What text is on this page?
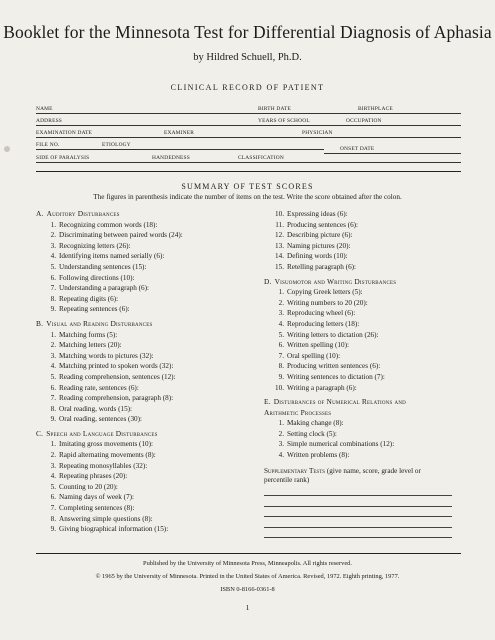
Booklet for the Minnesota Test for Differential Diagnosis of Aphasia
by Hildred Schuell, Ph.D.
CLINICAL RECORD OF PATIENT
NAME	BIRTH DATE	BIRTHPLACE
ADDRESS	YEARS OF SCHOOL	OCCUPATION
EXAMINATION DATE	EXAMINER	PHYSICIAN
FILE NO.	ETIOLOGY
ONSET DATE
SIDE OF PARALYSIS	HANDEDNESS	CLASSIFICATION
SUMMARY OF TEST SCORES
The figures in parenthesis indicate the number of items on the test. Write the score obtained after the colon.
A. Auditory Disturbances
1. Recognizing common words (18):
2. Discriminating between paired words (24):
3. Recognizing letters (26):
4. Identifying items named serially (6):
5. Understanding sentences (15):
6. Following directions (10):
7. Understanding a paragraph (6):
8. Repeating digits (6):
9. Repeating sentences (6):
B. Visual and Reading Disturbances
1. Matching forms (5):
2. Matching letters (20):
3. Matching words to pictures (32):
4. Matching printed to spoken words (32):
5. Reading comprehension, sentences (12):
6. Reading rate, sentences (6):
7. Reading comprehension, paragraph (8):
8. Oral reading, words (15):
9. Oral reading, sentences (30):
C. Speech and Language Disturbances
1. Imitating gross movements (10):
2. Rapid alternating movements (8):
3. Repeating monosyllables (32):
4. Repeating phrases (20):
5. Counting to 20 (20):
6. Naming days of week (7):
7. Completing sentences (8):
8. Answering simple questions (8):
9. Giving biographical information (15):
10. Expressing ideas (6):
11. Producing sentences (6):
12. Describing picture (6):
13. Naming pictures (20):
14. Defining words (10):
15. Retelling paragraph (6):
D. Visuomotor and Writing Disturbances
1. Copying Greek letters (5):
2. Writing numbers to 20 (20):
3. Reproducing wheel (6):
4. Reproducing letters (18):
5. Writing letters to dictation (26):
6. Written spelling (10):
7. Oral spelling (10):
8. Producing written sentences (6):
9. Writing sentences to dictation (7):
10. Writing a paragraph (6):
E. Disturbances of Numerical Relations and
Arithmetic Processes
1. Making change (8):
2. Setting clock (5):
3. Simple numerical combinations (12):
4. Written problems (8):
Supplementary Tests (give name, score, grade level or
percentile rank)
Published by the University of Minnesota Press, Minneapolis. All rights reserved.
© 1965 by the University of Minnesota. Printed in the United States of America. Revised, 1972. Eighth printing, 1977.
ISBN 0-8166-0361-8
1
